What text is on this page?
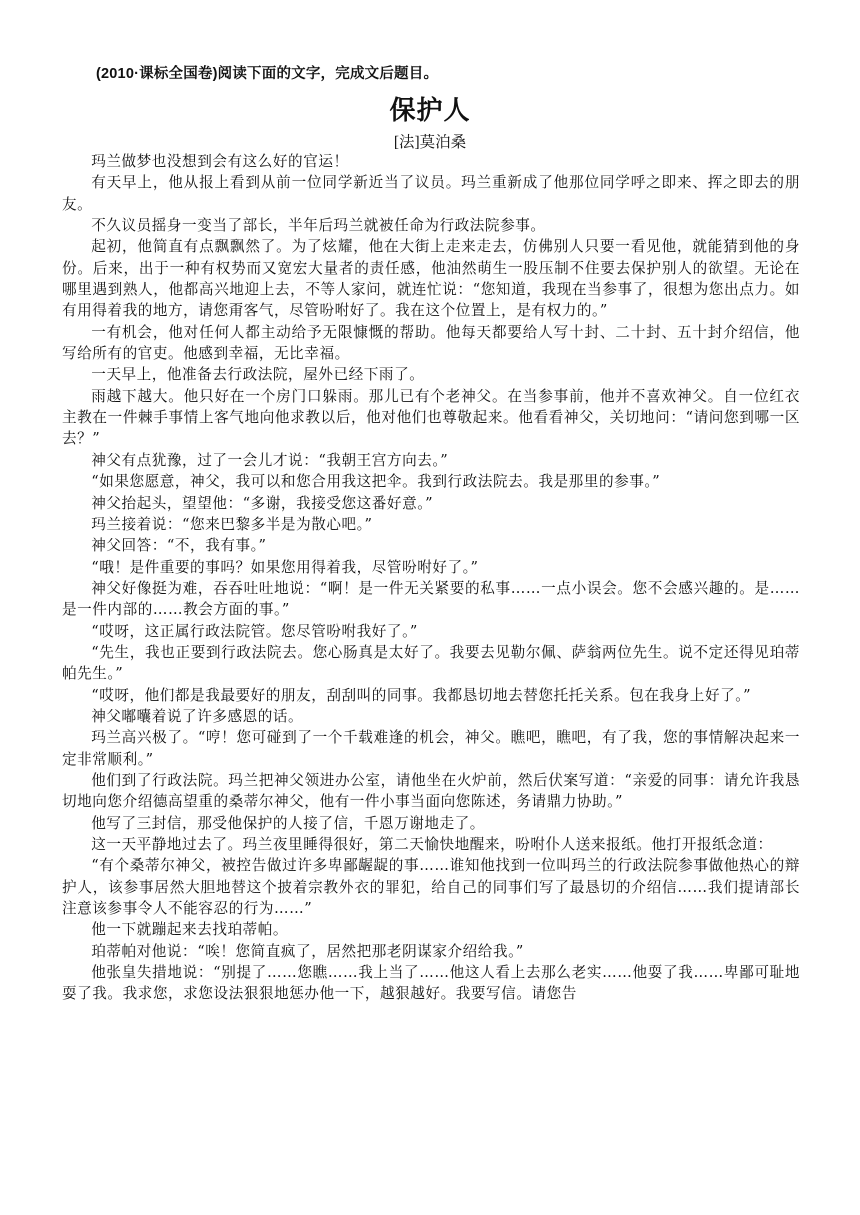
(2010·课标全国卷)阅读下面的文字，完成文后题目。
保护人
[法]莫泊桑

玛兰做梦也没想到会有这么好的官运！

有天早上，他从报上看到从前一位同学新近当了议员。玛兰重新成了他那位同学呼之即来、挥之即去的朋友。

不久议员摇身一变当了部长，半年后玛兰就被任命为行政法院参事。

起初，他简直有点飘飘然了。为了炫耀，他在大街上走来走去，仿佛别人只要一看见他，就能猜到他的身份。后来，出于一种有权势而又宽宏大量者的责任感，他油然萌生一股压制不住要去保护别人的欲望。无论在哪里遇到熟人，他都高兴地迎上去，不等人家问，就连忙说：“您知道，我现在当参事了，很想为您出点力。如有用得着我的地方，请您甭客气，尽管吩咐好了。我在这个位置上，是有权力的。”

一有机会，他对任何人都主动给予无限慷慨的帮助。他每天都要给人写十封、二十封、五十封介绍信，他写给所有的官吏。他感到幸福，无比幸福。

一天早上，他准备去行政法院，屋外已经下雨了。

雨越下越大。他只好在一个房门口躲雨。那儿已有个老神父。在当参事前，他并不喜欢神父。自一位红衣主教在一件棘手事情上客气地向他求教以后，他对他们也尊敬起来。他看看神父，关切地问：“请问您到哪一区去？”

神父有点犹豫，过了一会儿才说：“我朝王宫方向去。”

“如果您愿意，神父，我可以和您合用我这把伞。我到行政法院去。我是那里的参事。”

神父抬起头，望望他：“多谢，我接受您这番好意。”

玛兰接着说：“您来巴黎多半是为散心吧。”

神父回答：“不，我有事。”

“哦！是件重要的事吗？如果您用得着我，尽管吩咐好了。”

神父好像挺为难，吞吞吐吐地说：“啊！是一件无关紧要的私事……一点小误会。您不会感兴趣的。是……是一件内部的……教会方面的事。”

“哎呀，这正属行政法院管。您尽管吩咐我好了。”

“先生，我也正要到行政法院去。您心肠真是太好了。我要去见勒尔佩、萨翁两位先生。说不定还得见珀蒂帕先生。”

“哎呀，他们都是我最要好的朋友，刮刮叫的同事。我都恳切地去替您托托关系。包在我身上好了。”

神父嘟囔着说了许多感恩的话。

玛兰高兴极了。“哼！您可碰到了一个千载难逢的机会，神父。瞧吧，瞧吧，有了我，您的事情解决起来一定非常顺利。”

他们到了行政法院。玛兰把神父领进办公室，请他坐在火炉前，然后伏案写道：“亲爱的同事：请允许我恳切地向您介绍德高望重的桑蒂尔神父，他有一件小事当面向您陈述，务请鼎力协助。”

他写了三封信，那受他保护的人接了信，千恩万谢地走了。

这一天平静地过去了。玛兰夜里睡得很好，第二天愉快地醒来，吩咐仆人送来报纸。他打开报纸念道：

“有个桑蒂尔神父，被控告做过许多卑鄙龌龊的事……谁知他找到一位叫玛兰的行政法院参事做他热心的辩护人，该参事居然大胆地替这个披着宗教外衣的罪犯，给自己的同事们写了最恳切的介绍信……我们提请部长注意该参事令人不能容忍的行为……”

他一下就蹦起来去找珀蒂帕。

珀蒂帕对他说：“唉！您简直疯了，居然把那老阴谋家介绍给我。”

他张皇失措地说：“别提了……您瞧……我上当了……他这人看上去那么老实……他耍了我……卑鄙可耻地耍了我。我求您，求您设法狠狠地惩办他一下，越狠越好。我要写信。请您告
